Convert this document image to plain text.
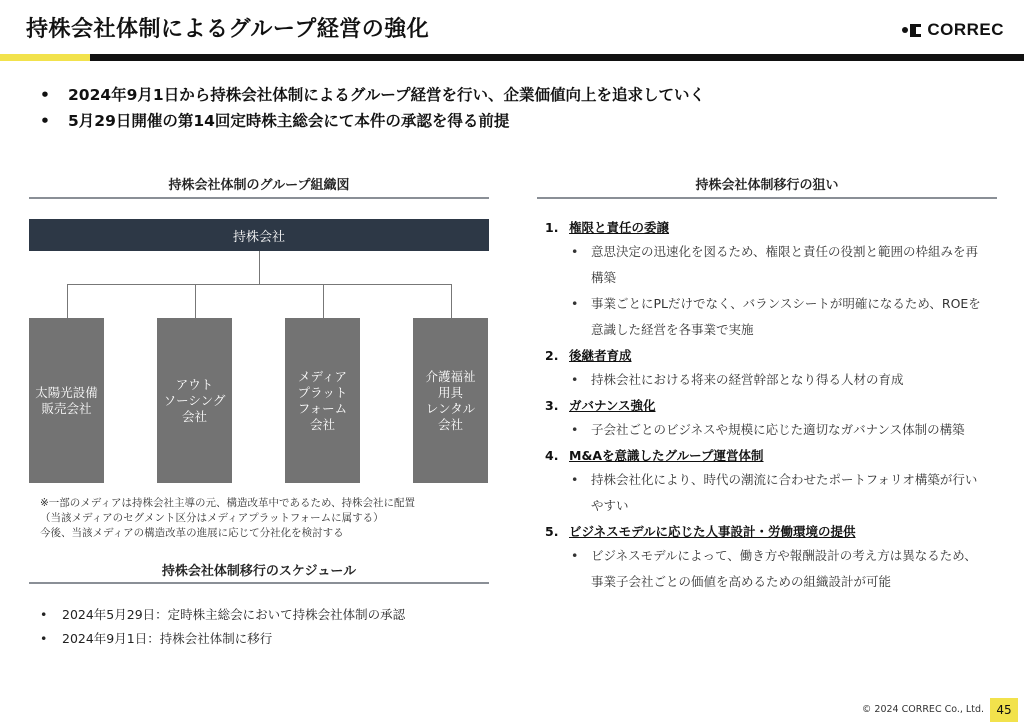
持株会社体制によるグループ経営の強化	CORREC
•	2024年9月1日から持株会社体制によるグループ経営を行い、企業価値向上を追求していく
•	5月29日開催の第14回定時株主総会にて本件の承認を得る前提
持株会社体制のグループ組織図
持株会社
太陽光設備
販売会社
アウト
ソーシング
会社
メディア
プラット
フォーム
会社
介護福祉
用具
レンタル
会社
※一部のメディアは持株会社主導の元、構造改革中であるため、持株会社に配置
（当該メディアのセグメント区分はメディアプラットフォームに属する）
今後、当該メディアの構造改革の進展に応じて分社化を検討する
持株会社体制移行のスケジュール
•	2024年5月29日：定時株主総会において持株会社体制の承認
•	2024年9月1日：持株会社体制に移行
持株会社体制移行の狙い
1. 権限と責任の委譲
•	意思決定の迅速化を図るため、権限と責任の役割と範囲の枠組みを再構築
•	事業ごとにPLだけでなく、バランスシートが明確になるため、ROEを意識した経営を各事業で実施
2. 後継者育成
•	持株会社における将来の経営幹部となり得る人材の育成
3. ガバナンス強化
•	子会社ごとのビジネスや規模に応じた適切なガバナンス体制の構築
4. M&Aを意識したグループ運営体制
•	持株会社化により、時代の潮流に合わせたポートフォリオ構築が行いやすい
5. ビジネスモデルに応じた人事設計・労働環境の提供
•	ビジネスモデルによって、働き方や報酬設計の考え方は異なるため、事業子会社ごとの価値を高めるための組織設計が可能
© 2024 CORREC Co., Ltd.	45
